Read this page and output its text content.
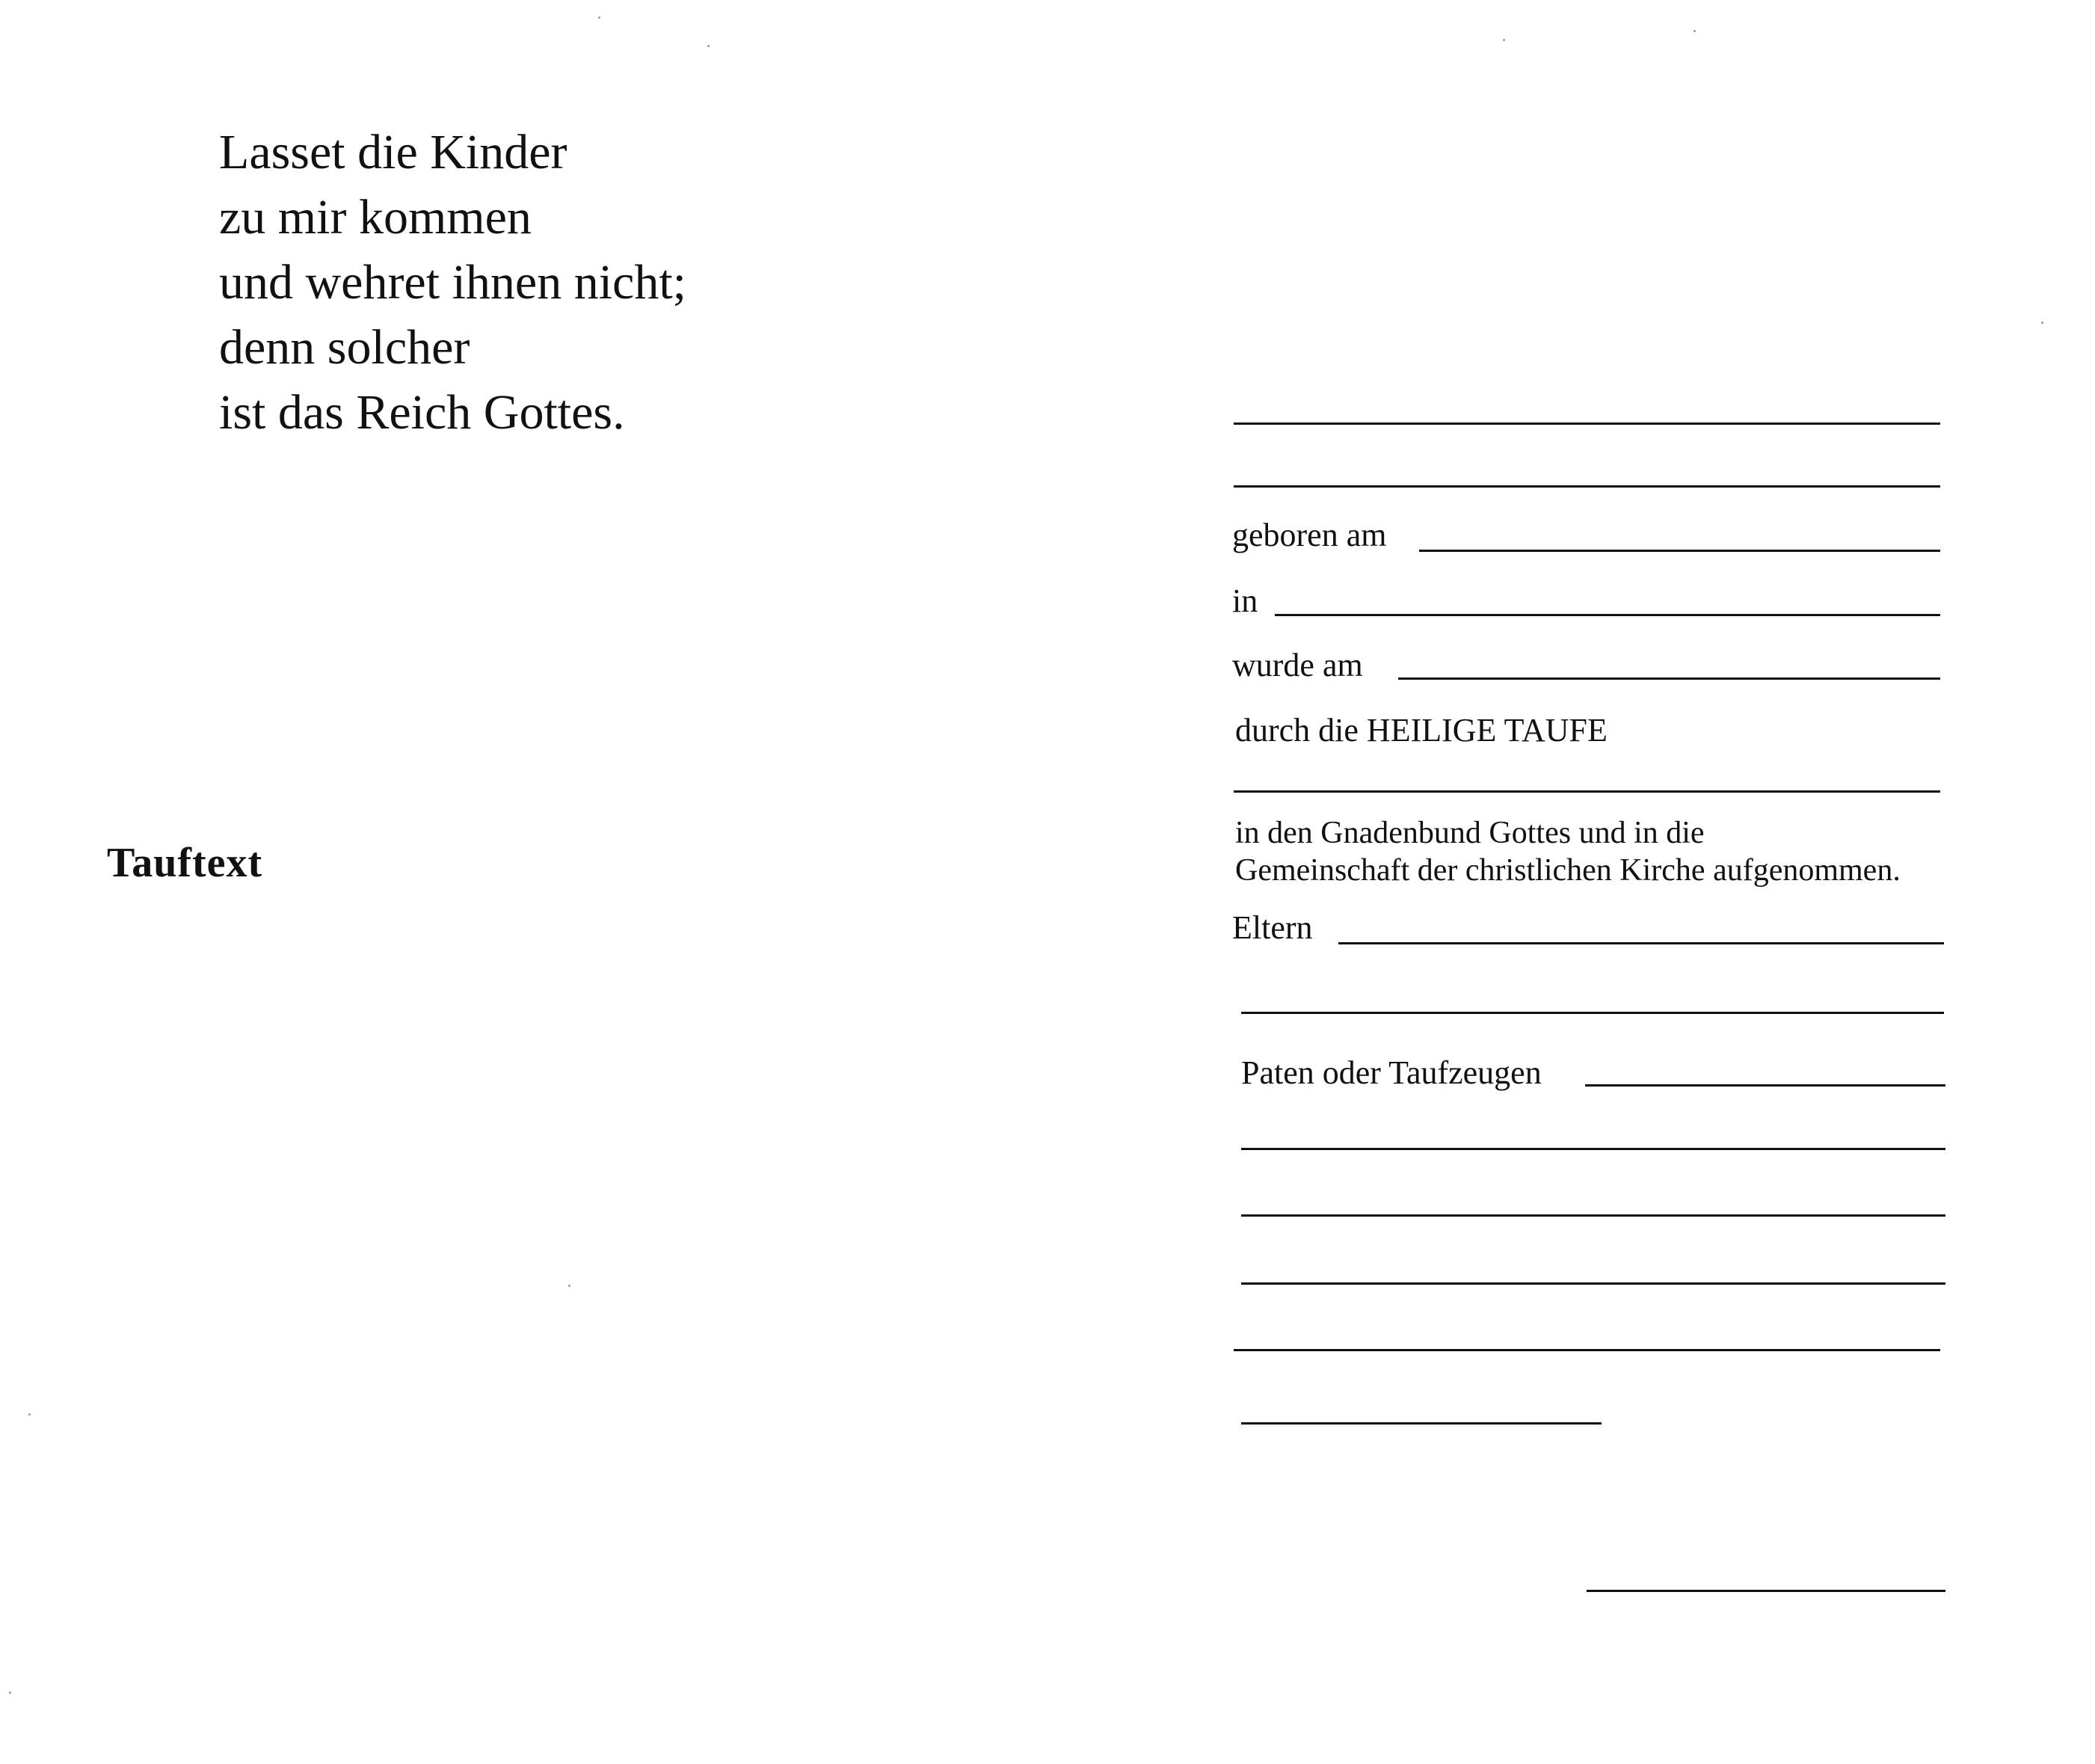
Lasset die Kinder
zu mir kommen
und wehret ihnen nicht;
denn solcher
ist das Reich Gottes.
Tauftext
geboren am
in
wurde am
durch die HEILIGE TAUFE
in den Gnadenbund Gottes und in die
Gemeinschaft der christlichen Kirche aufgenommen.
Eltern
Paten oder Taufzeugen
